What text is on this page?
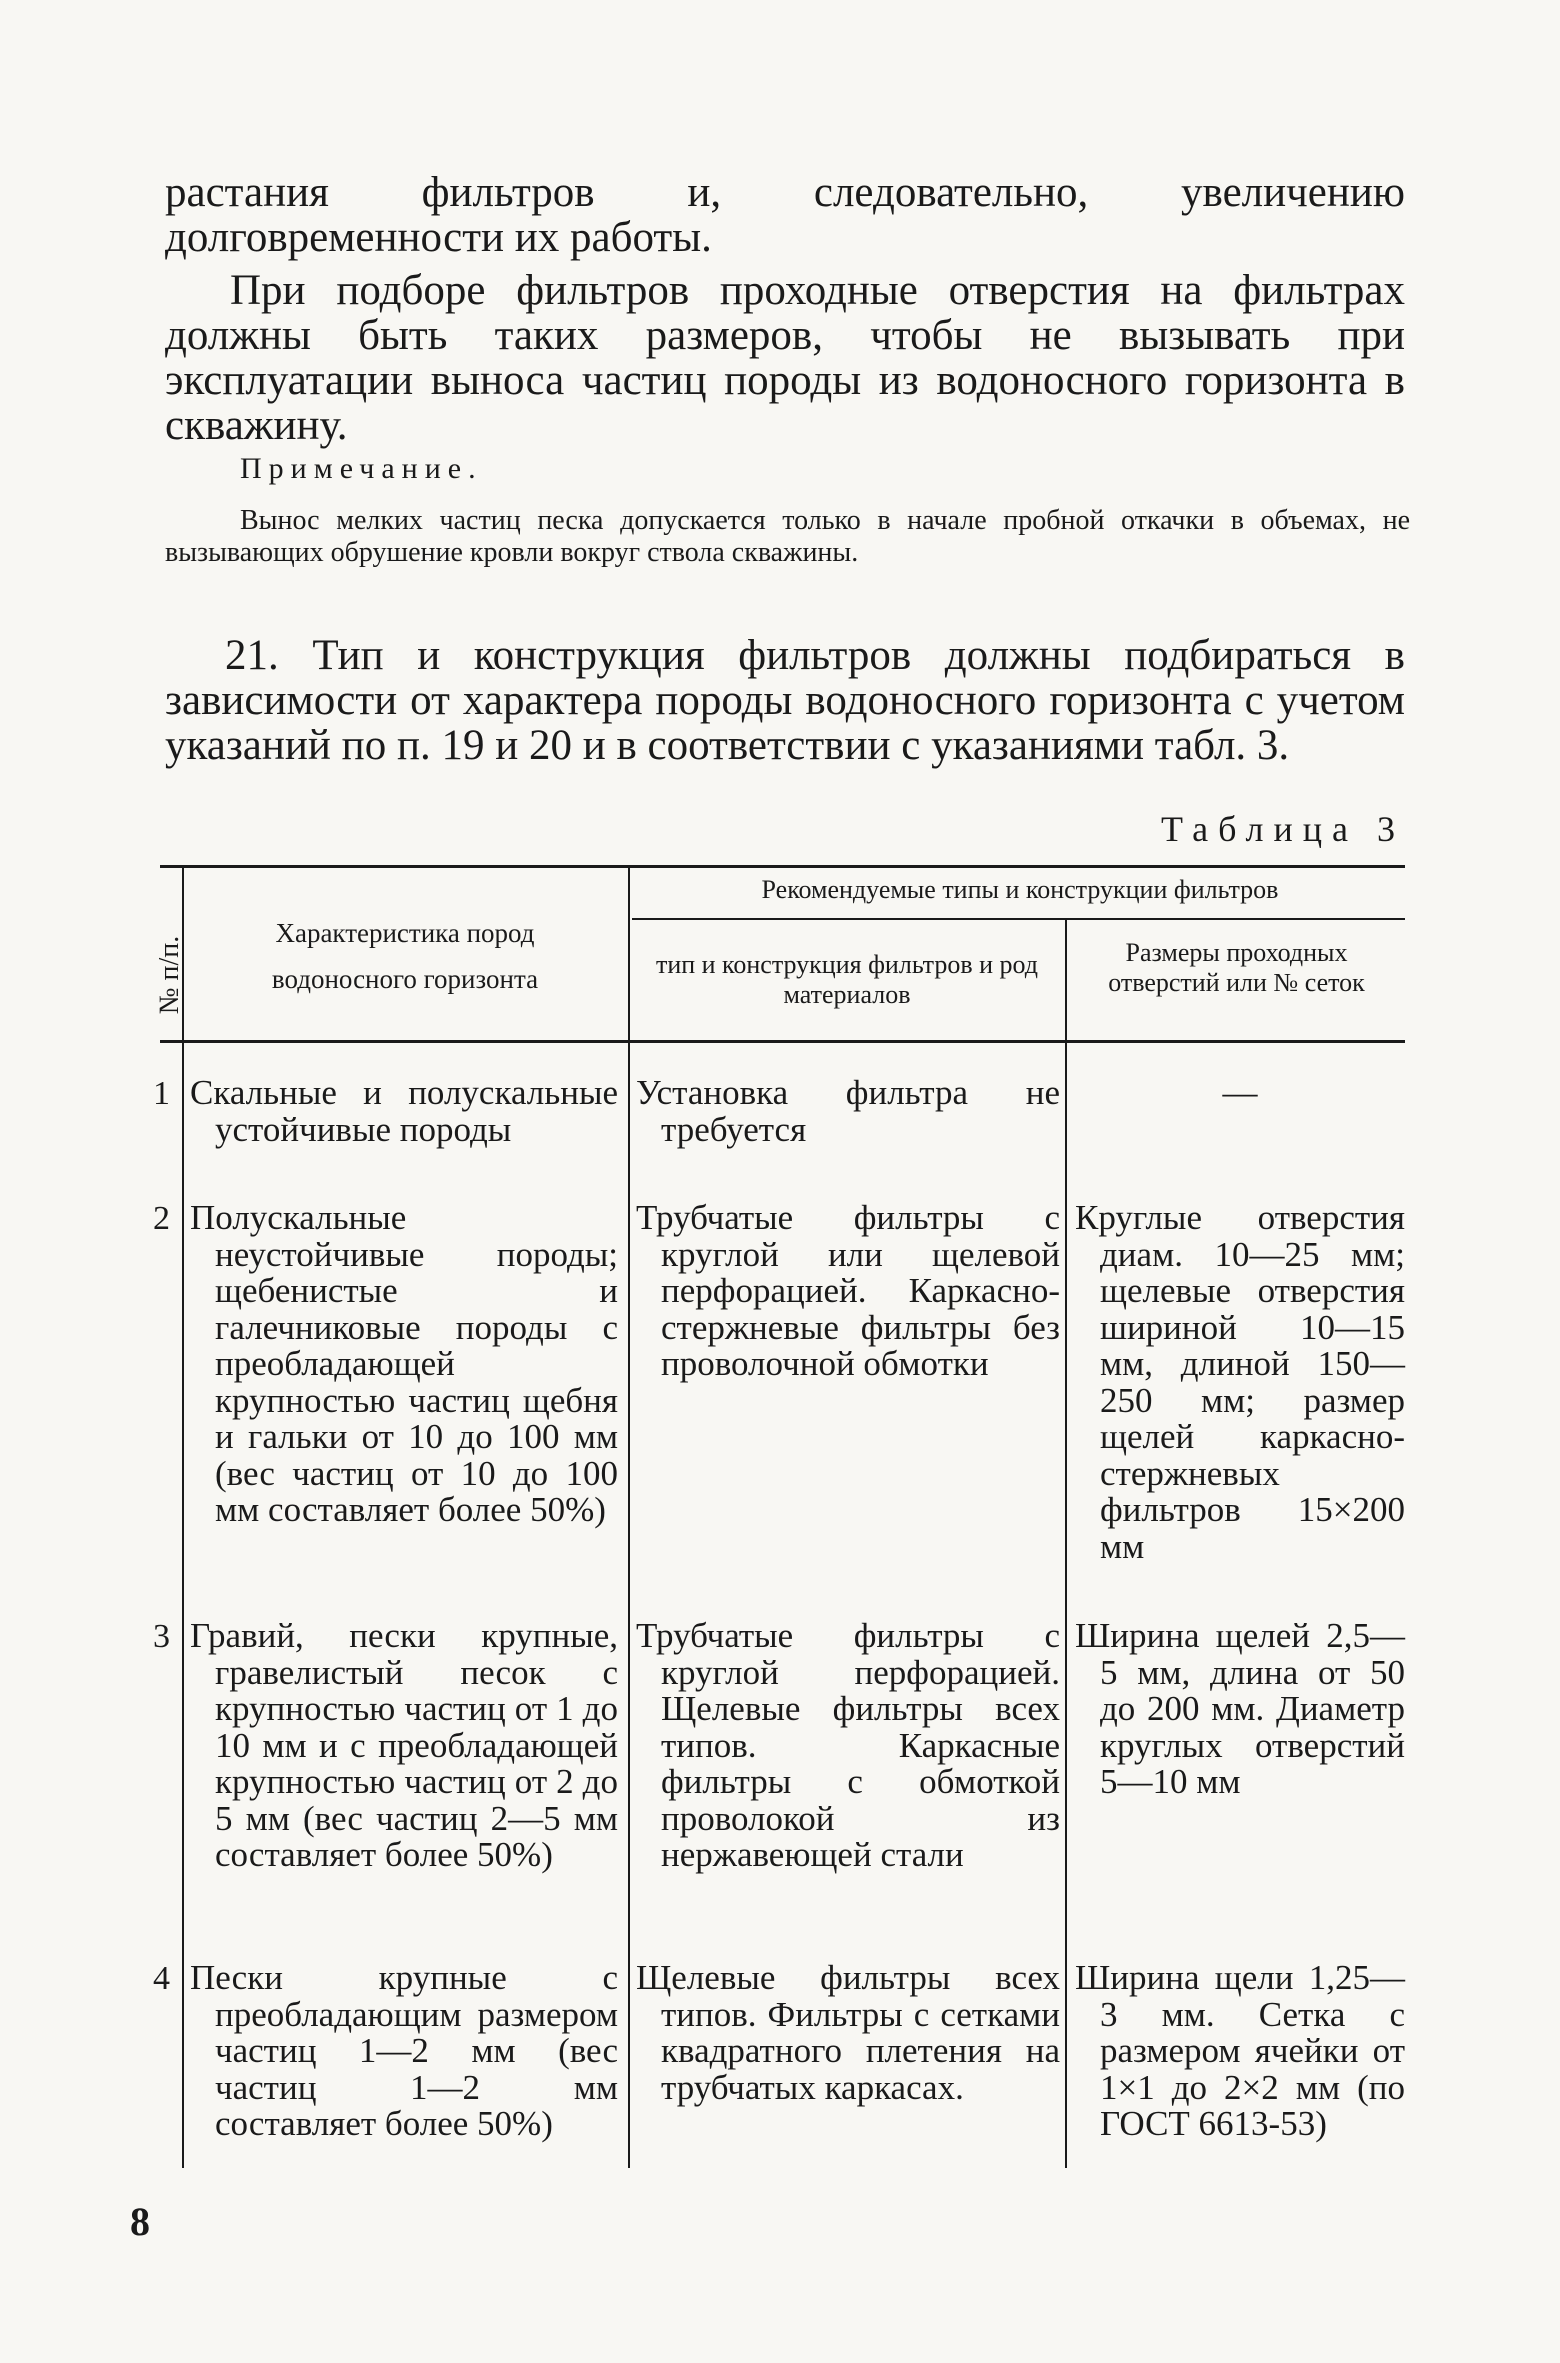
растания фильтров и, следовательно, увеличению долговременности их работы.
При подборе фильтров проходные отверстия на фильтрах должны быть таких размеров, чтобы не вызывать при эксплуатации выноса частиц породы из водоносного горизонта в скважину.
Примечание.
Вынос мелких частиц песка допускается только в начале пробной откачки в объемах, не вызывающих обрушение кровли вокруг ствола скважины.
21. Тип и конструкция фильтров должны подбираться в зависимости от характера породы водоносного горизонта с учетом указаний по п. 19 и 20 и в соответствии с указаниями табл. 3.
Таблица 3
№ п/п.
Характеристика пород водоносного горизонта
Рекомендуемые типы и конструкции фильтров
тип и конструкция фильтров и род материалов
Размеры проходных отверстий или № сеток
1 Скальные и полускальные устойчивые породы
Установка фильтра не требуется
—
2 Полускальные неустойчивые породы; щебенистые и галечниковые породы с преобладающей крупностью частиц щебня и гальки от 10 до 100 мм (вес частиц от 10 до 100 мм составляет более 50%)
Трубчатые фильтры с круглой или щелевой перфорацией. Каркасно-стержневые фильтры без проволочной обмотки
Круглые отверстия диам. 10—25 мм; щелевые отверстия шириной 10—15 мм, длиной 150—250 мм; размер щелей каркасно-стержневых фильтров 15×200 мм
3 Гравий, пески крупные, гравелистый песок с крупностью частиц от 1 до 10 мм и с преобладающей крупностью частиц от 2 до 5 мм (вес частиц 2—5 мм составляет более 50%)
Трубчатые фильтры с круглой перфорацией. Щелевые фильтры всех типов. Каркасные фильтры с обмоткой проволокой из нержавеющей стали
Ширина щелей 2,5—5 мм, длина от 50 до 200 мм. Диаметр круглых отверстий 5—10 мм
4 Пески крупные с преобладающим размером частиц 1—2 мм (вес частиц 1—2 мм составляет более 50%)
Щелевые фильтры всех типов. Фильтры с сетками квадратного плетения на трубчатых каркасах.
Ширина щели 1,25—3 мм. Сетка с размером ячейки от 1×1 до 2×2 мм (по ГОСТ 6613-53)
8
